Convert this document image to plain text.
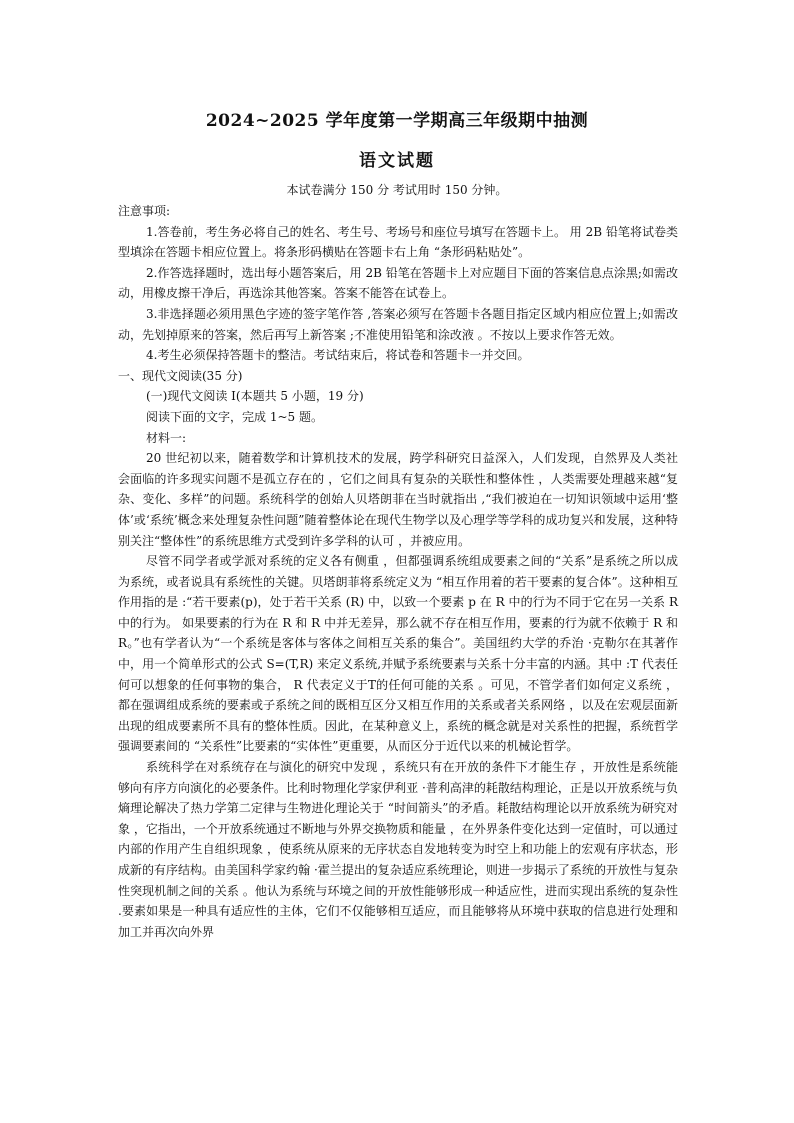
2024~2025 学年度第一学期高三年级期中抽测
语文试题
本试卷满分 150 分 考试用时 150 分钟。

注意事项:

1.答卷前，考生务必将自己的姓名、考生号、考场号和座位号填写在答题卡上。 用 2B 铅笔将试卷类型填涂在答题卡相应位置上。将条形码横贴在答题卡右上角 “条形码粘贴处”。

2.作答选择题时，选出每小题答案后，用 2B 铅笔在答题卡上对应题目下面的答案信息点涂黑;如需改动，用橡皮擦干净后，再选涂其他答案。答案不能答在试卷上。

3.非选择题必须用黑色字迹的签字笔作答 ,答案必须写在答题卡各题目指定区域内相应位置上;如需改动，先划掉原来的答案，然后再写上新答案 ;不准使用铅笔和涂改液 。不按以上要求作答无效。

4.考生必须保持答题卡的整洁。考试结束后，将试卷和答题卡一并交回。

一、现代文阅读(35 分)

(一)现代文阅读 I(本题共 5 小题，19 分)

阅读下面的文字，完成 1~5 题。

材料一:

20 世纪初以来，随着数学和计算机技术的发展，跨学科研究日益深入，人们发现，自然界及人类社会面临的许多现实问题不是孤立存在的 ，它们之间具有复杂的关联性和整体性 ，人类需要处理越来越“复杂、变化、多样”的问题。系统科学的创始人贝塔朗菲在当时就指出 ,“我们被迫在一切知识领域中运用‘整体’或‘系统’概念来处理复杂性问题”随着整体论在现代生物学以及心理学等学科的成功复兴和发展，这种特别关注“整体性”的系统思维方式受到许多学科的认可 ，并被应用。

尽管不同学者或学派对系统的定义各有侧重 ，但都强调系统组成要素之间的“关系”是系统之所以成为系统，或者说具有系统性的关键。贝塔朗菲将系统定义为 “相互作用着的若干要素的复合体”。这种相互作用指的是 :“若干要素(p)，处于若干关系 (R) 中，以致一个要素 p 在 R 中的行为不同于它在另一关系 R 中的行为。 如果要素的行为在 R 和 R 中并无差异，那么就不存在相互作用，要素的行为就不依赖于 R 和 R。”也有学者认为“一个系统是客体与客体之间相互关系的集合”。美国纽约大学的乔治 ·克勒尔在其著作中，用一个简单形式的公式 S=(T,R) 来定义系统,并赋予系统要素与关系十分丰富的内涵。其中 :T 代表任何可以想象的任何事物的集合， R 代表定义于T的任何可能的关系 。可见，不管学者们如何定义系统 ，都在强调组成系统的要素或子系统之间的既相互区分又相互作用的关系或者关系网络 ，以及在宏观层面新出现的组成要素所不具有的整体性质。因此，在某种意义上，系统的概念就是对关系性的把握，系统哲学强调要素间的 “关系性”比要素的“实体性”更重要，从而区分于近代以来的机械论哲学。

系统科学在对系统存在与演化的研究中发现 ，系统只有在开放的条件下才能生存 ，开放性是系统能够向有序方向演化的必要条件。比利时物理化学家伊利亚 ·普利高津的耗散结构理论，正是以开放系统与负熵理论解决了热力学第二定律与生物进化理论关于 “时间箭头”的矛盾。耗散结构理论以开放系统为研究对象 ，它指出，一个开放系统通过不断地与外界交换物质和能量 ，在外界条件变化达到一定值时，可以通过内部的作用产生自组织现象 ，使系统从原来的无序状态自发地转变为时空上和功能上的宏观有序状态，形成新的有序结构。由美国科学家约翰 ·霍兰提出的复杂适应系统理论，则进一步揭示了系统的开放性与复杂性突现机制之间的关系 。他认为系统与环境之间的开放性能够形成一种适应性，进而实现出系统的复杂性 .要素如果是一种具有适应性的主体，它们不仅能够相互适应，而且能够将从环境中获取的信息进行处理和加工并再次向外界
